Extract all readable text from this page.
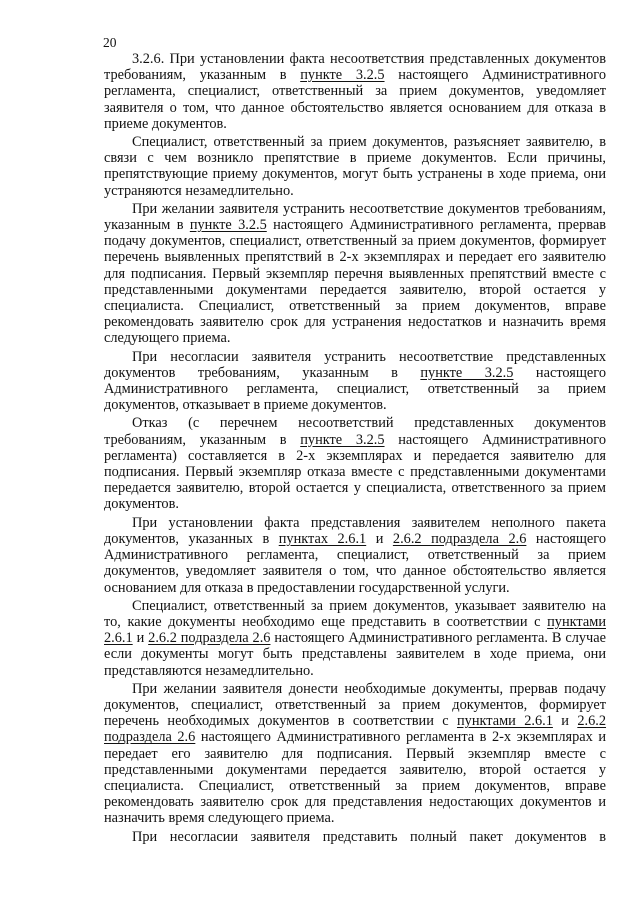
20

3.2.6. При установлении факта несоответствия представленных документов требованиям, указанным в пункте 3.2.5 настоящего Административного регламента, специалист, ответственный за прием документов, уведомляет заявителя о том, что данное обстоятельство является основанием для отказа в приеме документов.

Специалист, ответственный за прием документов, разъясняет заявителю, в связи с чем возникло препятствие в приеме документов. Если причины, препятствующие приему документов, могут быть устранены в ходе приема, они устраняются незамедлительно.

При желании заявителя устранить несоответствие документов требованиям, указанным в пункте 3.2.5 настоящего Административного регламента, прервав подачу документов, специалист, ответственный за прием документов, формирует перечень выявленных препятствий в 2-х экземплярах и передает его заявителю для подписания. Первый экземпляр перечня выявленных препятствий вместе с представленными документами передается заявителю, второй остается у специалиста. Специалист, ответственный за прием документов, вправе рекомендовать заявителю срок для устранения недостатков и назначить время следующего приема.

При несогласии заявителя устранить несоответствие представленных документов требованиям, указанным в пункте 3.2.5 настоящего Административного регламента, специалист, ответственный за прием документов, отказывает в приеме документов.

Отказ (с перечнем несоответствий представленных документов требованиям, указанным в пункте 3.2.5 настоящего Административного регламента) составляется в 2-х экземплярах и передается заявителю для подписания. Первый экземпляр отказа вместе с представленными документами передается заявителю, второй остается у специалиста, ответственного за прием документов.

При установлении факта представления заявителем неполного пакета документов, указанных в пунктах 2.6.1 и 2.6.2 подраздела 2.6 настоящего Административного регламента, специалист, ответственный за прием документов, уведомляет заявителя о том, что данное обстоятельство является основанием для отказа в предоставлении государственной услуги.

Специалист, ответственный за прием документов, указывает заявителю на то, какие документы необходимо еще представить в соответствии с пунктами 2.6.1 и 2.6.2 подраздела 2.6 настоящего Административного регламента. В случае если документы могут быть представлены заявителем в ходе приема, они представляются незамедлительно.

При желании заявителя донести необходимые документы, прервав подачу документов, специалист, ответственный за прием документов, формирует перечень необходимых документов в соответствии с пунктами 2.6.1 и 2.6.2 подраздела 2.6 настоящего Административного регламента в 2-х экземплярах и передает его заявителю для подписания. Первый экземпляр вместе с представленными документами передается заявителю, второй остается у специалиста. Специалист, ответственный за прием документов, вправе рекомендовать заявителю срок для представления недостающих документов и назначить время следующего приема.

При несогласии заявителя представить полный пакет документов в
